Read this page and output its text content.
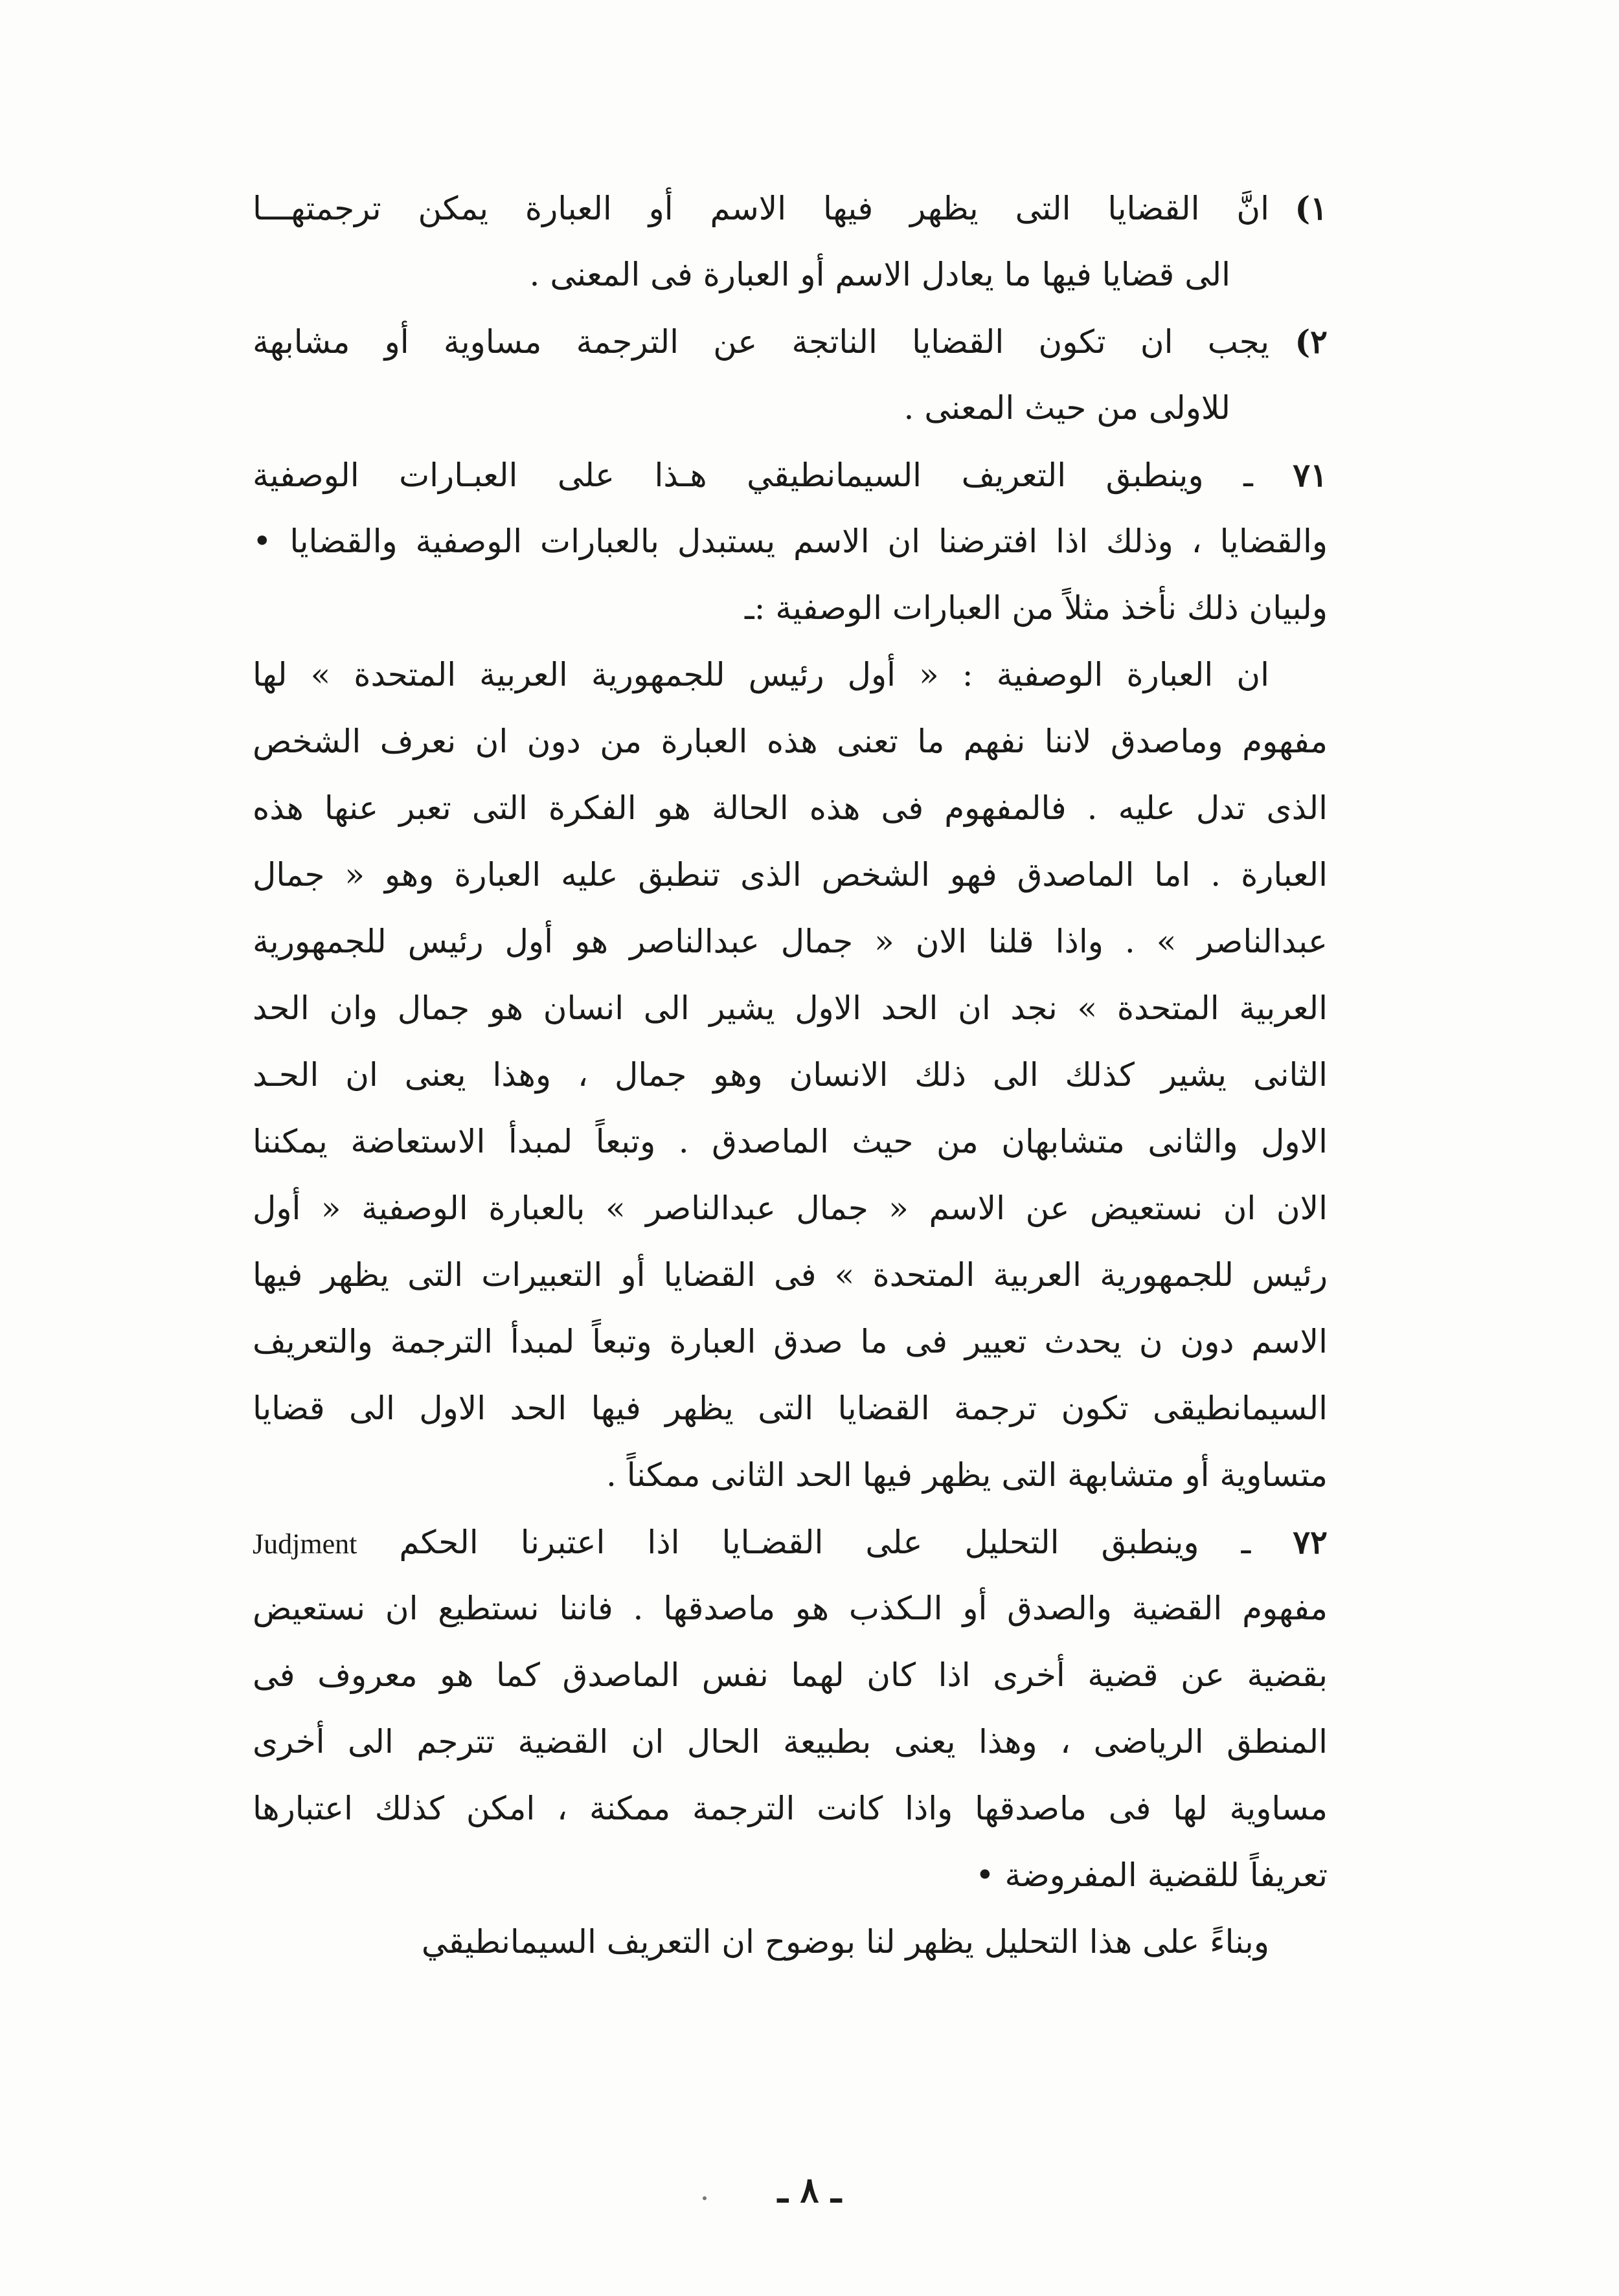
١)انَّ القضايا التى يظهر فيها الاسم أو العبارة يمكن ترجمتهـــا
الى قضايا فيها ما يعادل الاسم أو العبارة فى المعنى .
٢)يجب ان تكون القضايا الناتجة عن الترجمة مساوية أو مشابهة
للاولى من حيث المعنى .
٧١ ـ وينطبق التعريف السيمانطيقي هـذا على العبـارات الوصفية
والقضايا ، وذلك اذا افترضنا ان الاسم يستبدل بالعبارات الوصفية والقضايا •
ولبيان ذلك نأخذ مثلاً من العبارات الوصفية :ـ
ان العبارة الوصفية : « أول رئيس للجمهورية العربية المتحدة » لها
مفهوم وماصدق لاننا نفهم ما تعنى هذه العبارة من دون ان نعرف الشخص
الذى تدل عليه . فالمفهوم فى هذه الحالة هو الفكرة التى تعبر عنها هذه
العبارة . اما الماصدق فهو الشخص الذى تنطبق عليه العبارة وهو « جمال
عبدالناصر » . واذا قلنا الان « جمال عبدالناصر هو أول رئيس للجمهورية
العربية المتحدة » نجد ان الحد الاول يشير الى انسان هو جمال وان الحد
الثانى يشير كذلك الى ذلك الانسان وهو جمال ، وهذا يعنى ان الحـد
الاول والثانى متشابهان من حيث الماصدق . وتبعاً لمبدأ الاستعاضة يمكننا
الان ان نستعيض عن الاسم « جمال عبدالناصر » بالعبارة الوصفية « أول
رئيس للجمهورية العربية المتحدة » فى القضايا أو التعبيرات التى يظهر فيها
الاسم دون ن يحدث تعيير فى ما صدق العبارة وتبعاً لمبدأ الترجمة والتعريف
السيمانطيقى تكون ترجمة القضايا التى يظهر فيها الحد الاول الى قضايا
متساوية أو متشابهة التى يظهر فيها الحد الثانى ممكناً .
٧٢ ـ وينطبق التحليل على القضـايا اذا اعتبرنا الحكم Judjment
مفهوم القضية والصدق أو الـكذب هو ماصدقها . فاننا نستطيع ان نستعيض
بقضية عن قضية أخرى اذا كان لهما نفس الماصدق كما هو معروف فى
المنطق الرياضى ، وهذا يعنى بطبيعة الحال ان القضية تترجم الى أخرى
مساوية لها فى ماصدقها واذا كانت الترجمة ممكنة ، امكن كذلك اعتبارها
تعريفاً للقضية المفروضة •
وبناءً على هذا التحليل يظهر لنا بوضوح ان التعريف السيمانطيقي
ـ ٨ ـ
